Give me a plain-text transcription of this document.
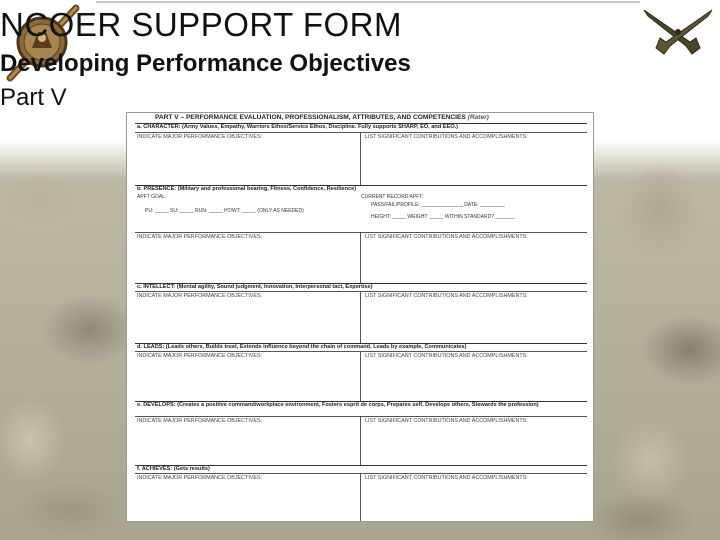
NCOER SUPPORT FORM
Developing Performance Objectives
Part V
PART V – PERFORMANCE EVALUATION, PROFESSIONALISM, ATTRIBUTES, AND COMPETENCIES (Rater)
a. CHARACTER: (Army Values, Empathy, Warriors Ethos/Service Ethos, Discipline. Fully supports SHARP, EO, and EEO.)
INDICATE MAJOR PERFORMANCE OBJECTIVES:	LIST SIGNIFICANT CONTRIBUTIONS AND ACCOMPLISHMENTS:
b. PRESENCE: (Military and professional bearing, Fitness, Confidence, Resilience)
APFT GOAL:	CURRENT RECORD APFT:
PASS/FAIL/PROFILE: _______________ DATE: _________
PU: _____ SU: _____ RUN: _____ HT/WT: _____ (ONLY AS NEEDED)
HEIGHT: _____ WEIGHT: _____ WITHIN STANDARD? _______
INDICATE MAJOR PERFORMANCE OBJECTIVES:	LIST SIGNIFICANT CONTRIBUTIONS AND ACCOMPLISHMENTS:
c. INTELLECT: (Mental agility, Sound judgment, Innovation, Interpersonal tact, Expertise)
INDICATE MAJOR PERFORMANCE OBJECTIVES:	LIST SIGNIFICANT CONTRIBUTIONS AND ACCOMPLISHMENTS:
d. LEADS: (Leads others, Builds trust, Extends influence beyond the chain of command, Leads by example, Communicates)
INDICATE MAJOR PERFORMANCE OBJECTIVES:	LIST SIGNIFICANT CONTRIBUTIONS AND ACCOMPLISHMENTS:
e. DEVELOPS: (Creates a positive command/workplace environment, Fosters esprit de corps, Prepares self, Develops others, Stewards the profession)
INDICATE MAJOR PERFORMANCE OBJECTIVES:	LIST SIGNIFICANT CONTRIBUTIONS AND ACCOMPLISHMENTS:
f. ACHIEVES: (Gets results)
INDICATE MAJOR PERFORMANCE OBJECTIVES:	LIST SIGNIFICANT CONTRIBUTIONS AND ACCOMPLISHMENTS:
